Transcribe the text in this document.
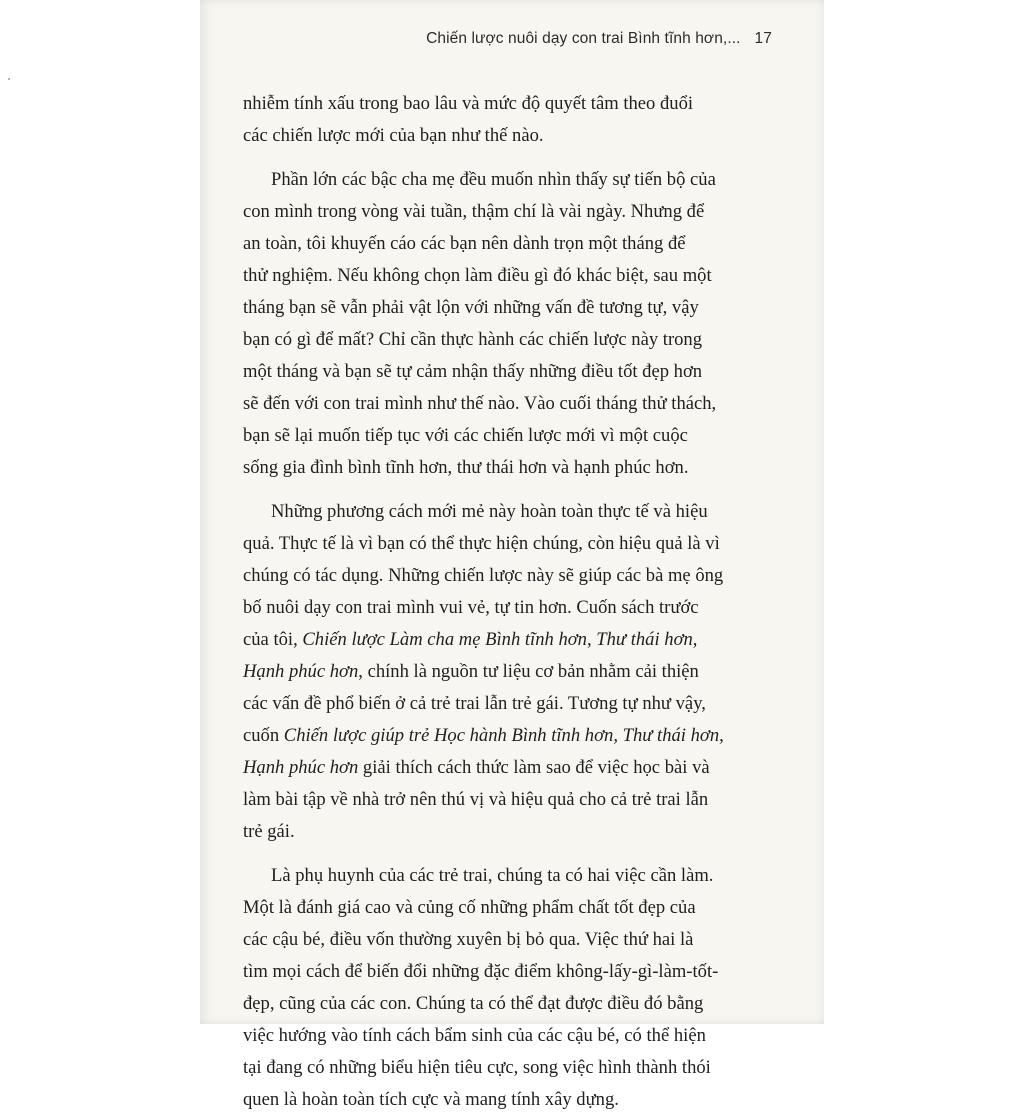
Chiến lược nuôi dạy con trai Bình tĩnh hơn,... 17
nhiễm tính xấu trong bao lâu và mức độ quyết tâm theo đuổi
các chiến lược mới của bạn như thế nào.
Phần lớn các bậc cha mẹ đều muốn nhìn thấy sự tiến bộ của
con mình trong vòng vài tuần, thậm chí là vài ngày. Nhưng để
an toàn, tôi khuyến cáo các bạn nên dành trọn một tháng để
thử nghiệm. Nếu không chọn làm điều gì đó khác biệt, sau một
tháng bạn sẽ vẫn phải vật lộn với những vấn đề tương tự, vậy
bạn có gì để mất? Chỉ cần thực hành các chiến lược này trong
một tháng và bạn sẽ tự cảm nhận thấy những điều tốt đẹp hơn
sẽ đến với con trai mình như thế nào. Vào cuối tháng thử thách,
bạn sẽ lại muốn tiếp tục với các chiến lược mới vì một cuộc
sống gia đình bình tĩnh hơn, thư thái hơn và hạnh phúc hơn.
Những phương cách mới mẻ này hoàn toàn thực tế và hiệu
quả. Thực tế là vì bạn có thể thực hiện chúng, còn hiệu quả là vì
chúng có tác dụng. Những chiến lược này sẽ giúp các bà mẹ ông
bố nuôi dạy con trai mình vui vẻ, tự tin hơn. Cuốn sách trước
của tôi, Chiến lược Làm cha mẹ Bình tĩnh hơn, Thư thái hơn,
Hạnh phúc hơn, chính là nguồn tư liệu cơ bản nhằm cải thiện
các vấn đề phổ biến ở cả trẻ trai lẫn trẻ gái. Tương tự như vậy,
cuốn Chiến lược giúp trẻ Học hành Bình tĩnh hơn, Thư thái hơn,
Hạnh phúc hơn giải thích cách thức làm sao để việc học bài và
làm bài tập về nhà trở nên thú vị và hiệu quả cho cả trẻ trai lẫn
trẻ gái.
Là phụ huynh của các trẻ trai, chúng ta có hai việc cần làm.
Một là đánh giá cao và củng cố những phẩm chất tốt đẹp của
các cậu bé, điều vốn thường xuyên bị bỏ qua. Việc thứ hai là
tìm mọi cách để biến đổi những đặc điểm không-lấy-gì-làm-tốt-
đẹp, cũng của các con. Chúng ta có thể đạt được điều đó bằng
việc hướng vào tính cách bẩm sinh của các cậu bé, có thể hiện
tại đang có những biểu hiện tiêu cực, song việc hình thành thói
quen là hoàn toàn tích cực và mang tính xây dựng.
